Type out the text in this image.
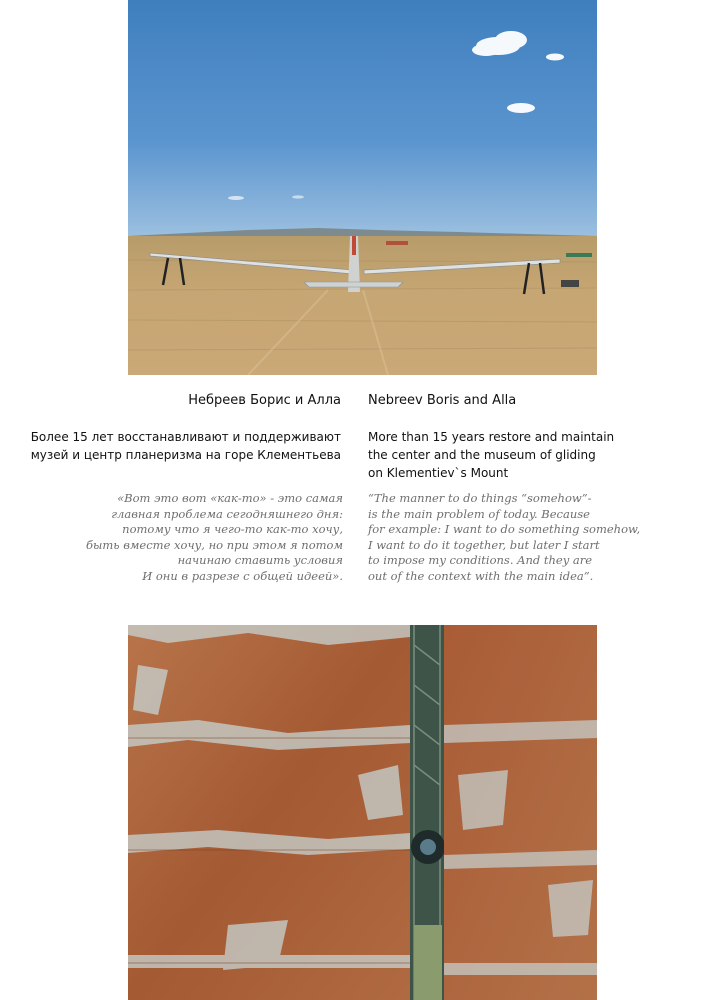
Небреев Борис и Алла
Более 15 лет восстанавливают и поддерживают
музей и центр планеризма на горе Клементьева
«Вот это вот «как-то» - это самая
главная проблема сегодняшнего дня:
потому что я чего-то как-то хочу,
быть вместе хочу, но при этом я потом
начинаю ставить условия
И они в разрезе с общей идеей».
Nebreev Boris and Alla
More than 15 years restore and maintain
the center and the museum of gliding
on Klementiev`s Mount
“The manner to do things “somehow”-
is the main problem of today. Because
for example: I want to do something somehow,
I want to do it together, but later I start
to impose my conditions. And they are
out of the context with the main idea”.
